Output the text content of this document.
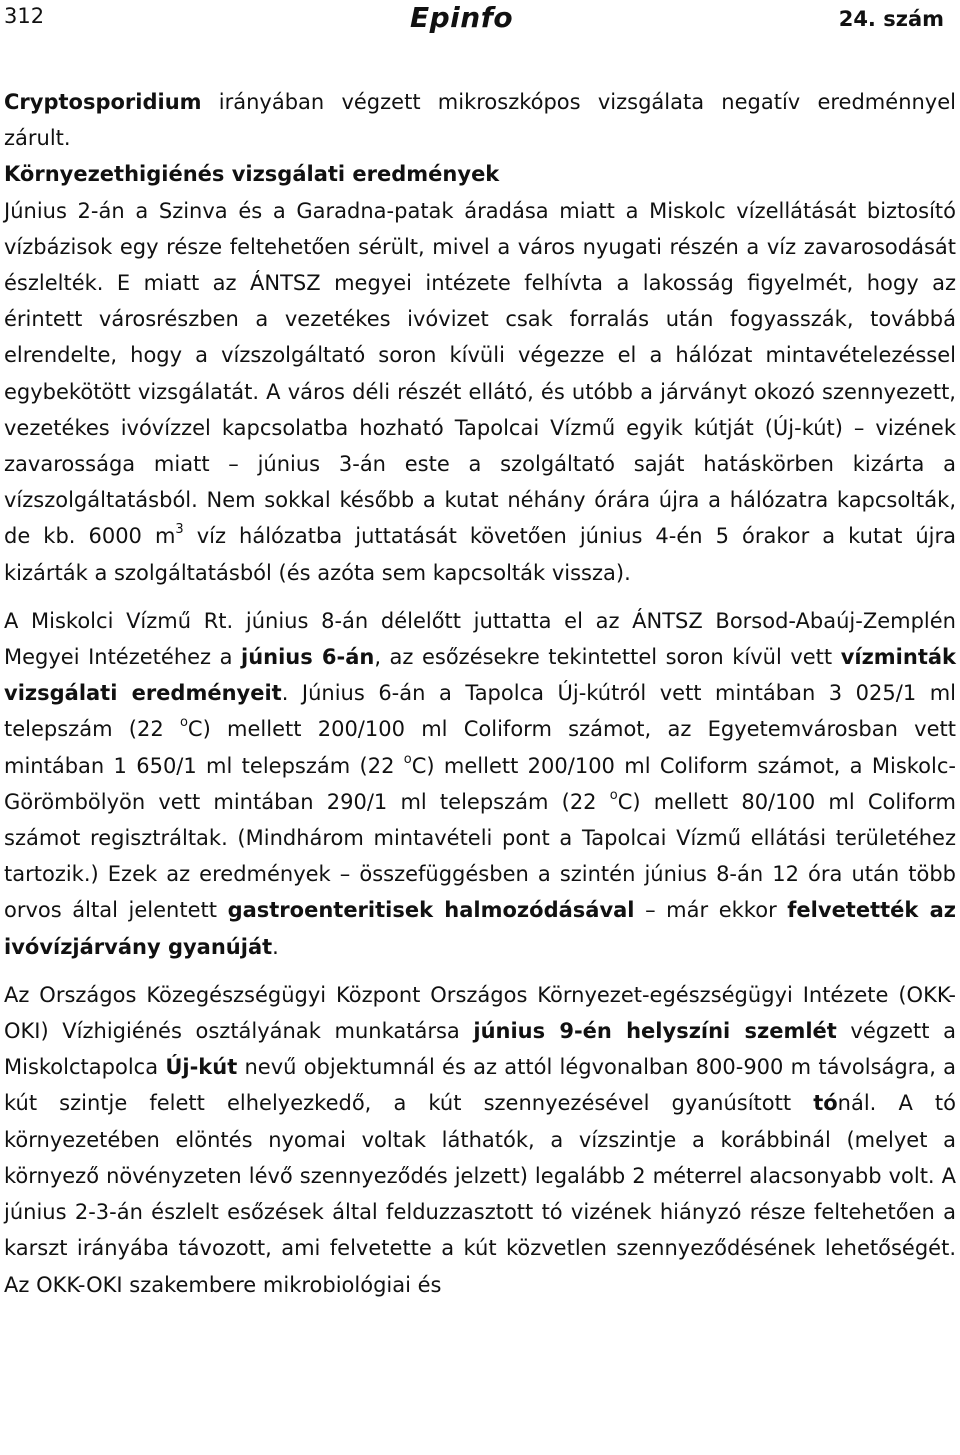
312	Epinfo	24. szám

Cryptosporidium irányában végzett mikroszkópos vizsgálata negatív eredménnyel zárult.

Környezethigiénés vizsgálati eredmények

Június 2-án a Szinva és a Garadna-patak áradása miatt a Miskolc vízellátását biztosító vízbázisok egy része feltehetően sérült, mivel a város nyugati részén a víz zavarosodását észlelték. E miatt az ÁNTSZ megyei intézete felhívta a lakosság figyelmét, hogy az érintett városrészben a vezetékes ivóvizet csak forralás után fogyasszák, továbbá elrendelte, hogy a vízszolgáltató soron kívüli végezze el a hálózat mintavételezéssel egybekötött vizsgálatát. A város déli részét ellátó, és utóbb a járványt okozó szennyezett, vezetékes ivóvízzel kapcsolatba hozható Tapolcai Vízmű egyik kútját (Új-kút) – vizének zavarossága miatt – június 3-án este a szolgáltató saját hatáskörben kizárta a vízszolgáltatásból. Nem sokkal később a kutat néhány órára újra a hálózatra kapcsolták, de kb. 6000 $m^3$ víz hálózatba juttatását követően június 4-én 5 órakor a kutat újra kizárták a szolgáltatásból (és azóta sem kapcsolták vissza).

A Miskolci Vízmű Rt. június 8-án délelőtt juttatta el az ÁNTSZ Borsod-Abaúj-Zemplén Megyei Intézetéhez a június 6-án, az esőzésekre tekintettel soron kívül vett vízminták vizsgálati eredményeit. Június 6-án a Tapolca Új-kútról vett mintában 3 025/1 ml telepszám (22 $^o$C) mellett 200/100 ml Coliform számot, az Egyetemvárosban vett mintában 1 650/1 ml telepszám (22 $^o$C) mellett 200/100 ml Coliform számot, a Miskolc-Görömbölyön vett mintában 290/1 ml telepszám (22 $^o$C) mellett 80/100 ml Coliform számot regisztráltak. (Mindhárom mintavételi pont a Tapolcai Vízmű ellátási területéhez tartozik.) Ezek az eredmények – összefüggésben a szintén június 8-án 12 óra után több orvos által jelentett gastroenteritisek halmozódásával – már ekkor felvetették az ivóvízjárvány gyanúját.

Az Országos Közegészségügyi Központ Országos Környezet-egészségügyi Intézete (OKK-OKI) Vízhigiénés osztályának munkatársa június 9-én helyszíni szemlét végzett a Miskolctapolca Új-kút nevű objektumnál és az attól légvonalban 800-900 m távolságra, a kút szintje felett elhelyezkedő, a kút szennyezésével gyanúsított tónál. A tó környezetében elöntés nyomai voltak láthatók, a vízszintje a korábbinál (melyet a környező növényzeten lévő szennyeződés jelzett) legalább 2 méterrel alacsonyabb volt. A június 2-3-án észlelt esőzések által felduzzasztott tó vizének hiányzó része feltehetően a karszt irányába távozott, ami felvetette a kút közvetlen szennyeződésének lehetőségét. Az OKK-OKI szakembere mikrobiológiai és
